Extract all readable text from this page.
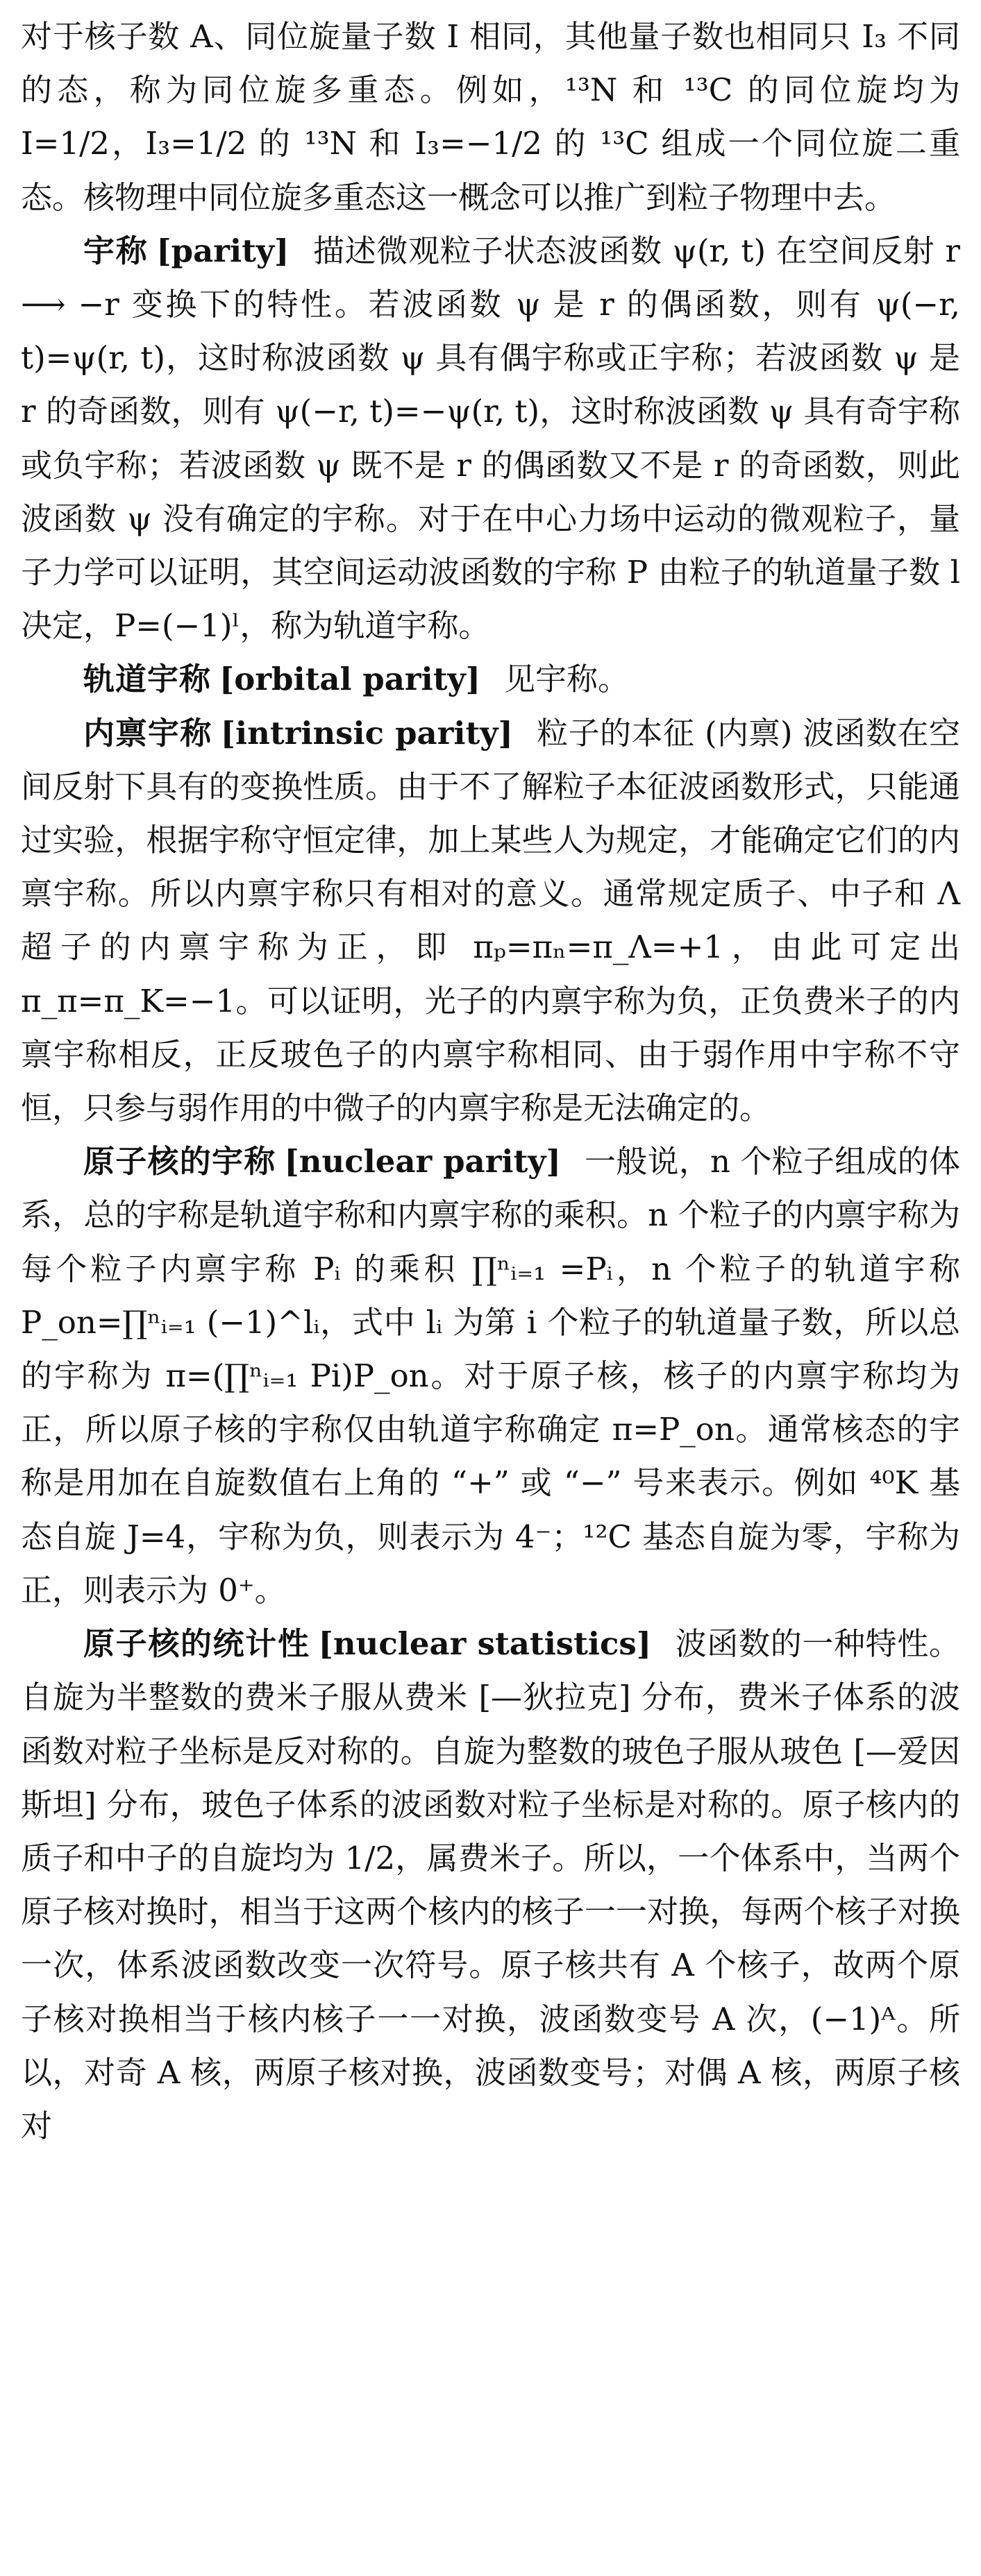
对于核子数 A、同位旋量子数 I 相同，其他量子数也相同只 I₃ 不同的态，称为同位旋多重态。例如，¹³N 和 ¹³C 的同位旋均为 I=1/2，I₃=1/2 的 ¹³N 和 I₃=−1/2 的 ¹³C 组成一个同位旋二重态。核物理中同位旋多重态这一概念可以推广到粒子物理中去。

宇称 [parity] 描述微观粒子状态波函数 ψ(r, t) 在空间反射 r ⟶ −r 变换下的特性。若波函数 ψ 是 r 的偶函数，则有 ψ(−r, t)=ψ(r, t)，这时称波函数 ψ 具有偶宇称或正宇称；若波函数 ψ 是 r 的奇函数，则有 ψ(−r, t)=−ψ(r, t)，这时称波函数 ψ 具有奇宇称或负宇称；若波函数 ψ 既不是 r 的偶函数又不是 r 的奇函数，则此波函数 ψ 没有确定的宇称。对于在中心力场中运动的微观粒子，量子力学可以证明，其空间运动波函数的宇称 P 由粒子的轨道量子数 l 决定，P=(−1)ˡ，称为轨道宇称。

轨道宇称 [orbital parity] 见宇称。

内禀宇称 [intrinsic parity] 粒子的本征 (内禀) 波函数在空间反射下具有的变换性质。由于不了解粒子本征波函数形式，只能通过实验，根据宇称守恒定律，加上某些人为规定，才能确定它们的内禀宇称。所以内禀宇称只有相对的意义。通常规定质子、中子和 Λ 超子的内禀宇称为正，即 πₚ=πₙ=π_Λ=+1，由此可定出 π_π=π_K=−1。可以证明，光子的内禀宇称为负，正负费米子的内禀宇称相反，正反玻色子的内禀宇称相同、由于弱作用中宇称不守恒，只参与弱作用的中微子的内禀宇称是无法确定的。

原子核的宇称 [nuclear parity] 一般说，n 个粒子组成的体系，总的宇称是轨道宇称和内禀宇称的乘积。n 个粒子的内禀宇称为每个粒子内禀宇称 Pᵢ 的乘积 ∏ⁿᵢ₌₁ =Pᵢ，n 个粒子的轨道宇称 P_on=∏ⁿᵢ₌₁ (−1)^lᵢ，式中 lᵢ 为第 i 个粒子的轨道量子数，所以总的宇称为 π=(∏ⁿᵢ₌₁ Pi)P_on。对于原子核，核子的内禀宇称均为正，所以原子核的宇称仅由轨道宇称确定 π=P_on。通常核态的宇称是用加在自旋数值右上角的 “+” 或 “−” 号来表示。例如 ⁴⁰K 基态自旋 J=4，宇称为负，则表示为 4⁻；¹²C 基态自旋为零，宇称为正，则表示为 0⁺。

原子核的统计性 [nuclear statistics] 波函数的一种特性。自旋为半整数的费米子服从费米 [—狄拉克] 分布，费米子体系的波函数对粒子坐标是反对称的。自旋为整数的玻色子服从玻色 [—爱因斯坦] 分布，玻色子体系的波函数对粒子坐标是对称的。原子核内的质子和中子的自旋均为 1/2，属费米子。所以，一个体系中，当两个原子核对换时，相当于这两个核内的核子一一对换，每两个核子对换一次，体系波函数改变一次符号。原子核共有 A 个核子，故两个原子核对换相当于核内核子一一对换，波函数变号 A 次，(−1)ᴬ。所以，对奇 A 核，两原子核对换，波函数变号；对偶 A 核，两原子核对
